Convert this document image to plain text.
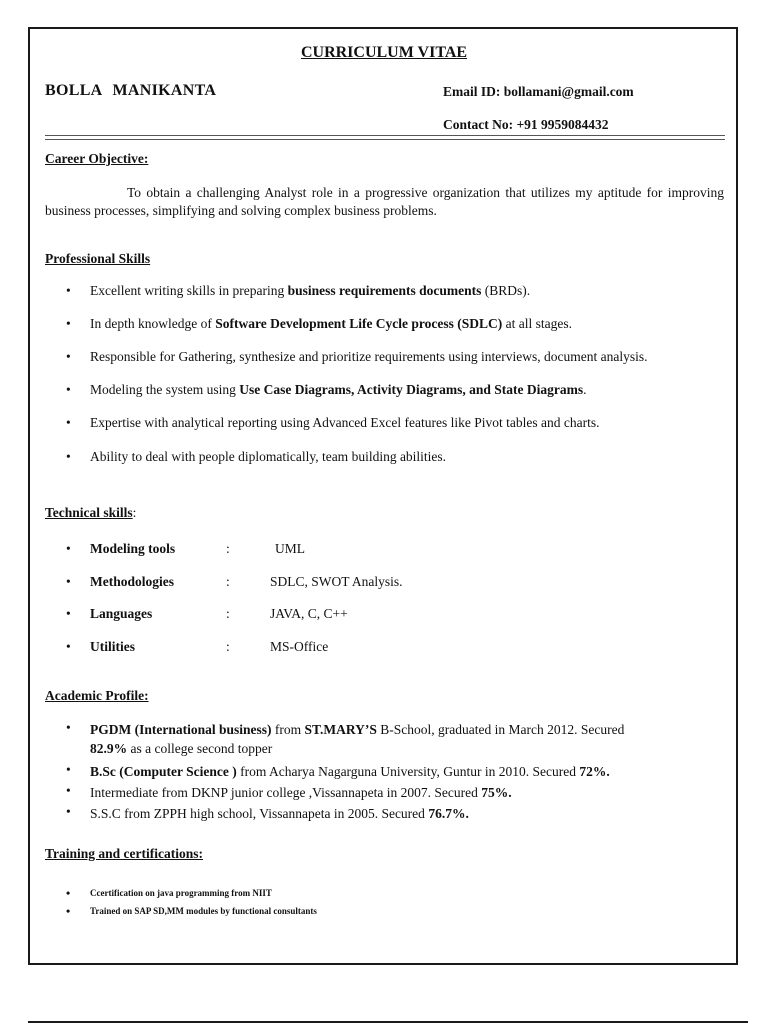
CURRICULUM VITAE
BOLLA MANIKANTA	Email ID: bollamani@gmail.com
Contact No: +91 9959084432
Career Objective:
To obtain a challenging Analyst role in a progressive organization that utilizes my aptitude for improving business processes, simplifying and solving complex business problems.
Professional Skills
• Excellent writing skills in preparing business requirements documents (BRDs).
• In depth knowledge of Software Development Life Cycle process (SDLC) at all stages.
• Responsible for Gathering, synthesize and prioritize requirements using interviews, document analysis.
• Modeling the system using Use Case Diagrams, Activity Diagrams, and State Diagrams.
• Expertise with analytical reporting using Advanced Excel features like Pivot tables and charts.
• Ability to deal with people diplomatically, team building abilities.
Technical skills:
• Modeling tools	:	UML
• Methodologies	:	SDLC, SWOT Analysis.
• Languages	:	JAVA, C, C++
• Utilities	:	MS-Office
Academic Profile:
• PGDM (International business) from ST.MARY’S B-School, graduated in March 2012. Secured
82.9% as a college second topper
• B.Sc (Computer Science ) from Acharya Nagarguna University, Guntur in 2010. Secured 72%.
• Intermediate from DKNP junior college ,Vissannapeta in 2007. Secured 75%.
• S.S.C from ZPPH high school, Vissannapeta in 2005. Secured 76.7%.
Training and certifications:
• Ccertification on java programming from NIIT
• Trained on SAP SD,MM modules by functional consultants
